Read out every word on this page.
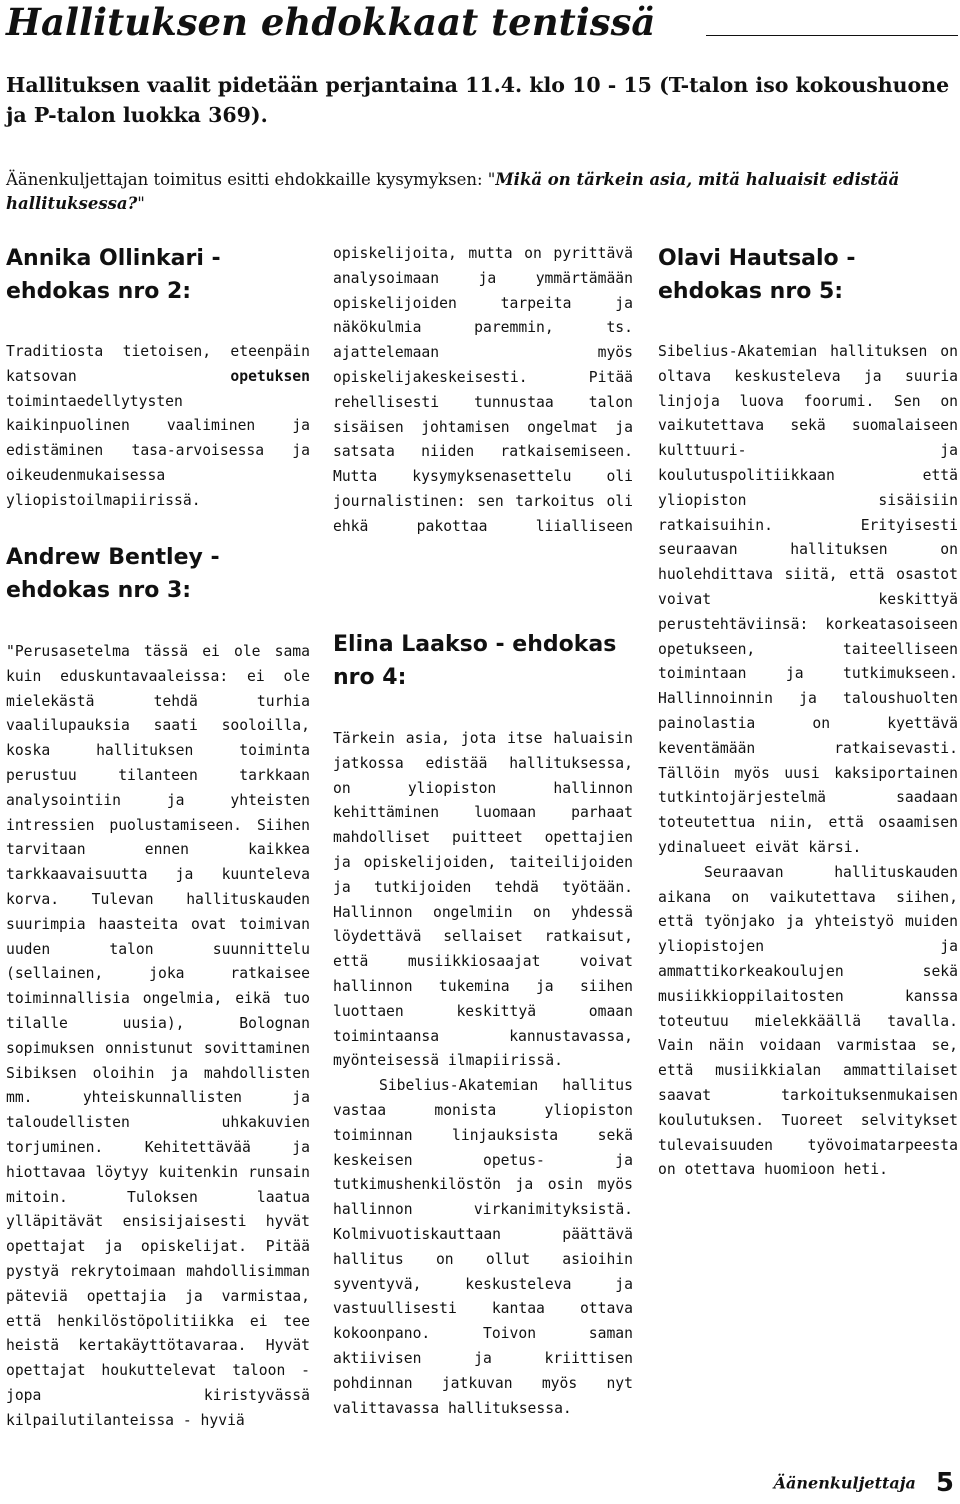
Hallituksen ehdokkaat tentissä

Hallituksen vaalit pidetään perjantaina 11.4. klo 10 - 15 (T-talon iso kokoushuone

ja P-talon luokka 369).

Äänenkuljettajan toimitus esitti ehdokkaille kysymyksen: "Mikä on tärkein asia, mitä haluaisit edistää hallituksessa?"

Annika Ollinkari - ehdokas nro 2:

Traditiosta tietoisen, eteenpäin katsovan opetuksen toimintaedellytysten kaikinpuolinen vaaliminen ja edistäminen tasa-arvoisessa ja oikeudenmukaisessa yliopistoilmapiirissä.

Andrew Bentley - ehdokas nro 3:

"Perusasetelma tässä ei ole sama kuin eduskuntavaaleissa: ei ole mielekästä tehdä turhia vaalilupauksia saati sooloilla, koska hallituksen toiminta perustuu tilanteen tarkkaan analysointiin ja yhteisten intressien puolustamiseen. Siihen tarvitaan ennen kaikkea tarkkaavaisuutta ja kuunteleva korva. Tulevan hallituskauden suurimpia haasteita ovat toimivan uuden talon suunnittelu (sellainen, joka ratkaisee toiminnallisia ongelmia, eikä tuo tilalle uusia), Bolognan sopimuksen onnistunut sovittaminen Sibiksen oloihin ja mahdollisten mm. yhteiskunnallisten ja taloudellisten uhkakuvien torjuminen. Kehitettävää ja hiottavaa löytyy kuitenkin runsain mitoin. Tuloksen laatua ylläpitävät ensisijaisesti hyvät opettajat ja opiskelijat. Pitää pystyä rekrytoimaan mahdollisimman päteviä opettajia ja varmistaa, että henkilöstöpolitiikka ei tee heistä kertakäyttötavaraa. Hyvät opettajat houkuttelevat taloon - jopa kiristyvässä kilpailutilanteissa - hyviä

opiskelijoita, mutta on pyrittävä analysoimaan ja ymmärtämään opiskelijoiden tarpeita ja näkökulmia paremmin, ts. ajattelemaan myös opiskelijakeskeisesti. Pitää rehellisesti tunnustaa talon sisäisen johtamisen ongelmat ja satsata niiden ratkaisemiseen. Mutta kysymyksenasettelu oli journalistinen: sen tarkoitus oli ehkä pakottaa liialliseen

Elina Laakso - ehdokas nro 4:

Tärkein asia, jota itse haluaisin jatkossa edistää hallituksessa, on yliopiston hallinnon kehittäminen luomaan parhaat mahdolliset puitteet opettajien ja opiskelijoiden, taiteilijoiden ja tutkijoiden tehdä työtään. Hallinnon ongelmiin on yhdessä löydettävä sellaiset ratkaisut, että musiikkiosaajat voivat hallinnon tukemina ja siihen luottaen keskittyä omaan toimintaansa kannustavassa, myönteisessä ilmapiirissä.

Sibelius-Akatemian hallitus vastaa monista yliopiston toiminnan linjauksista sekä keskeisen opetus- ja tutkimushenkilöstön ja osin myös hallinnon virkanimityksistä. Kolmivuotiskauttaan päättävä hallitus on ollut asioihin syventyvä, keskusteleva ja vastuullisesti kantaa ottava kokoonpano. Toivon saman aktiivisen ja kriittisen pohdinnan jatkuvan myös nyt valittavassa hallituksessa.

Olavi Hautsalo - ehdokas nro 5:

Sibelius-Akatemian hallituksen on oltava keskusteleva ja suuria linjoja luova foorumi. Sen on vaikutettava sekä suomalaiseen kulttuuri- ja koulutuspolitiikkaan että yliopiston sisäisiin ratkaisuihin. Erityisesti seuraavan hallituksen on huolehdittava siitä, että osastot voivat keskittyä perustehtäviinsä: korkeatasoiseen opetukseen, taiteelliseen toimintaan ja tutkimukseen. Hallinnoinnin ja taloushuolten painolastia on kyettävä keventämään ratkaisevasti. Tällöin myös uusi kaksiportainen tutkintojärjestelmä saadaan toteutettua niin, että osaamisen ydinalueet eivät kärsi.

Seuraavan hallituskauden aikana on vaikutettava siihen, että työnjako ja yhteistyö muiden yliopistojen ja ammattikorkeakoulujen sekä musiikkioppilaitosten kanssa toteutuu mielekkäällä tavalla. Vain näin voidaan varmistaa se, että musiikkialan ammattilaiset saavat tarkoituksenmukaisen koulutuksen. Tuoreet selvitykset tulevaisuuden työvoimatarpeesta on otettava huomioon heti.

Äänenkuljettaja 5
